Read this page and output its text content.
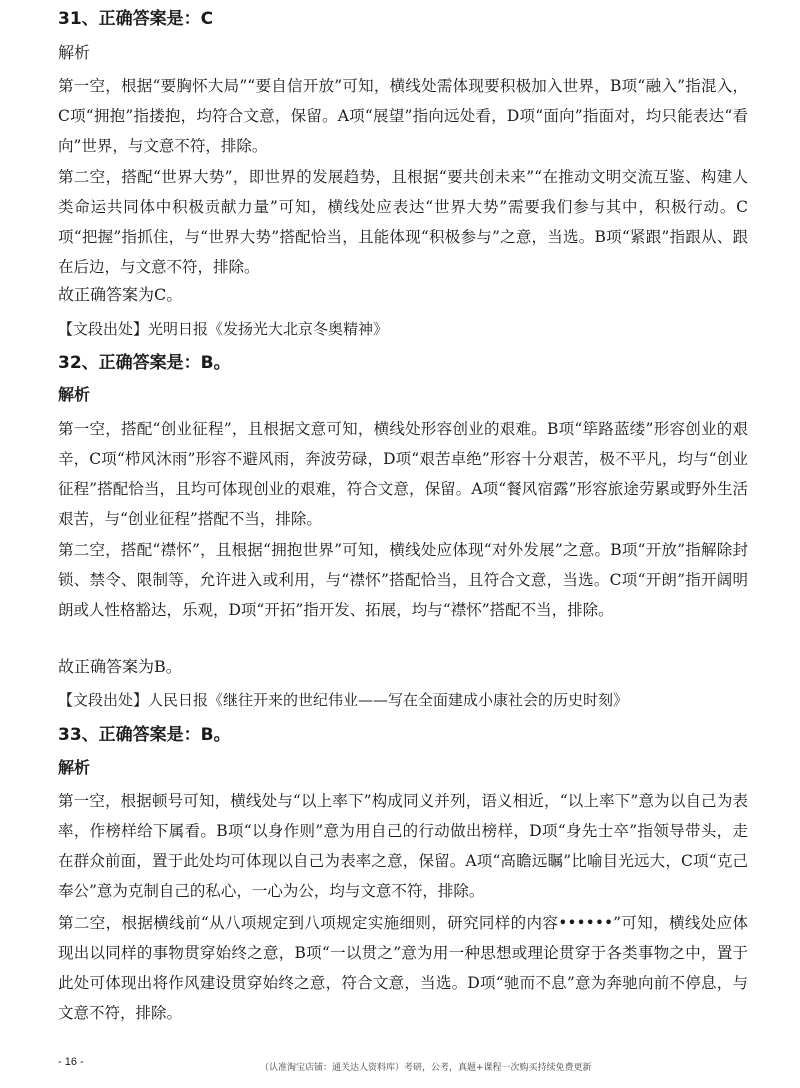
31、正确答案是：C
解析

第一空，根据“要胸怀大局”“要自信开放”可知，横线处需体现要积极加入世界，B项“融入”指混入，C项“拥抱”指搂抱，均符合文意，保留。A项“展望”指向远处看，D项“面向”指面对，均只能表达“看向”世界，与文意不符，排除。

第二空，搭配“世界大势”，即世界的发展趋势，且根据“要共创未来”“在推动文明交流互鉴、构建人类命运共同体中积极贡献力量”可知，横线处应表达“世界大势”需要我们参与其中，积极行动。C项“把握”指抓住，与“世界大势”搭配恰当，且能体现“积极参与”之意，当选。B项“紧跟”指跟从、跟在后边，与文意不符，排除。

故正确答案为C。
【文段出处】光明日报《发扬光大北京冬奥精神》
32、正确答案是：B。
解析

第一空，搭配“创业征程”，且根据文意可知，横线处形容创业的艰难。B项“筚路蓝缕”形容创业的艰辛，C项“栉风沐雨”形容不避风雨，奔波劳碌，D项“艰苦卓绝”形容十分艰苦，极不平凡，均与“创业征程”搭配恰当，且均可体现创业的艰难，符合文意，保留。A项“餐风宿露”形容旅途劳累或野外生活艰苦，与“创业征程”搭配不当，排除。

第二空，搭配“襟怀”，且根据“拥抱世界”可知，横线处应体现“对外发展”之意。B项“开放”指解除封锁、禁令、限制等，允许进入或利用，与“襟怀”搭配恰当，且符合文意，当选。C项“开朗”指开阔明朗或人性格豁达，乐观，D项“开拓”指开发、拓展，均与“襟怀”搭配不当，排除。

故正确答案为B。
【文段出处】人民日报《继往开来的世纪伟业——写在全面建成小康社会的历史时刻》
33、正确答案是：B。
解析

第一空，根据顿号可知，横线处与“以上率下”构成同义并列，语义相近，“以上率下”意为以自己为表率，作榜样给下属看。B项“以身作则”意为用自己的行动做出榜样，D项“身先士卒”指领导带头，走在群众前面，置于此处均可体现以自己为表率之意，保留。A项“高瞻远瞩”比喻目光远大，C项“克己奉公”意为克制自己的私心，一心为公，均与文意不符，排除。

第二空，根据横线前“从八项规定到八项规定实施细则，研究同样的内容••••••”可知，横线处应体现出以同样的事物贯穿始终之意，B项“一以贯之”意为用一种思想或理论贯穿于各类事物之中，置于此处可体现出将作风建设贯穿始终之意，符合文意，当选。D项“驰而不息”意为奔驰向前不停息，与文意不符，排除。

- 16 -	（认准淘宝店铺：通关达人资料库）考研，公考，真题+课程一次购买持续免费更新
